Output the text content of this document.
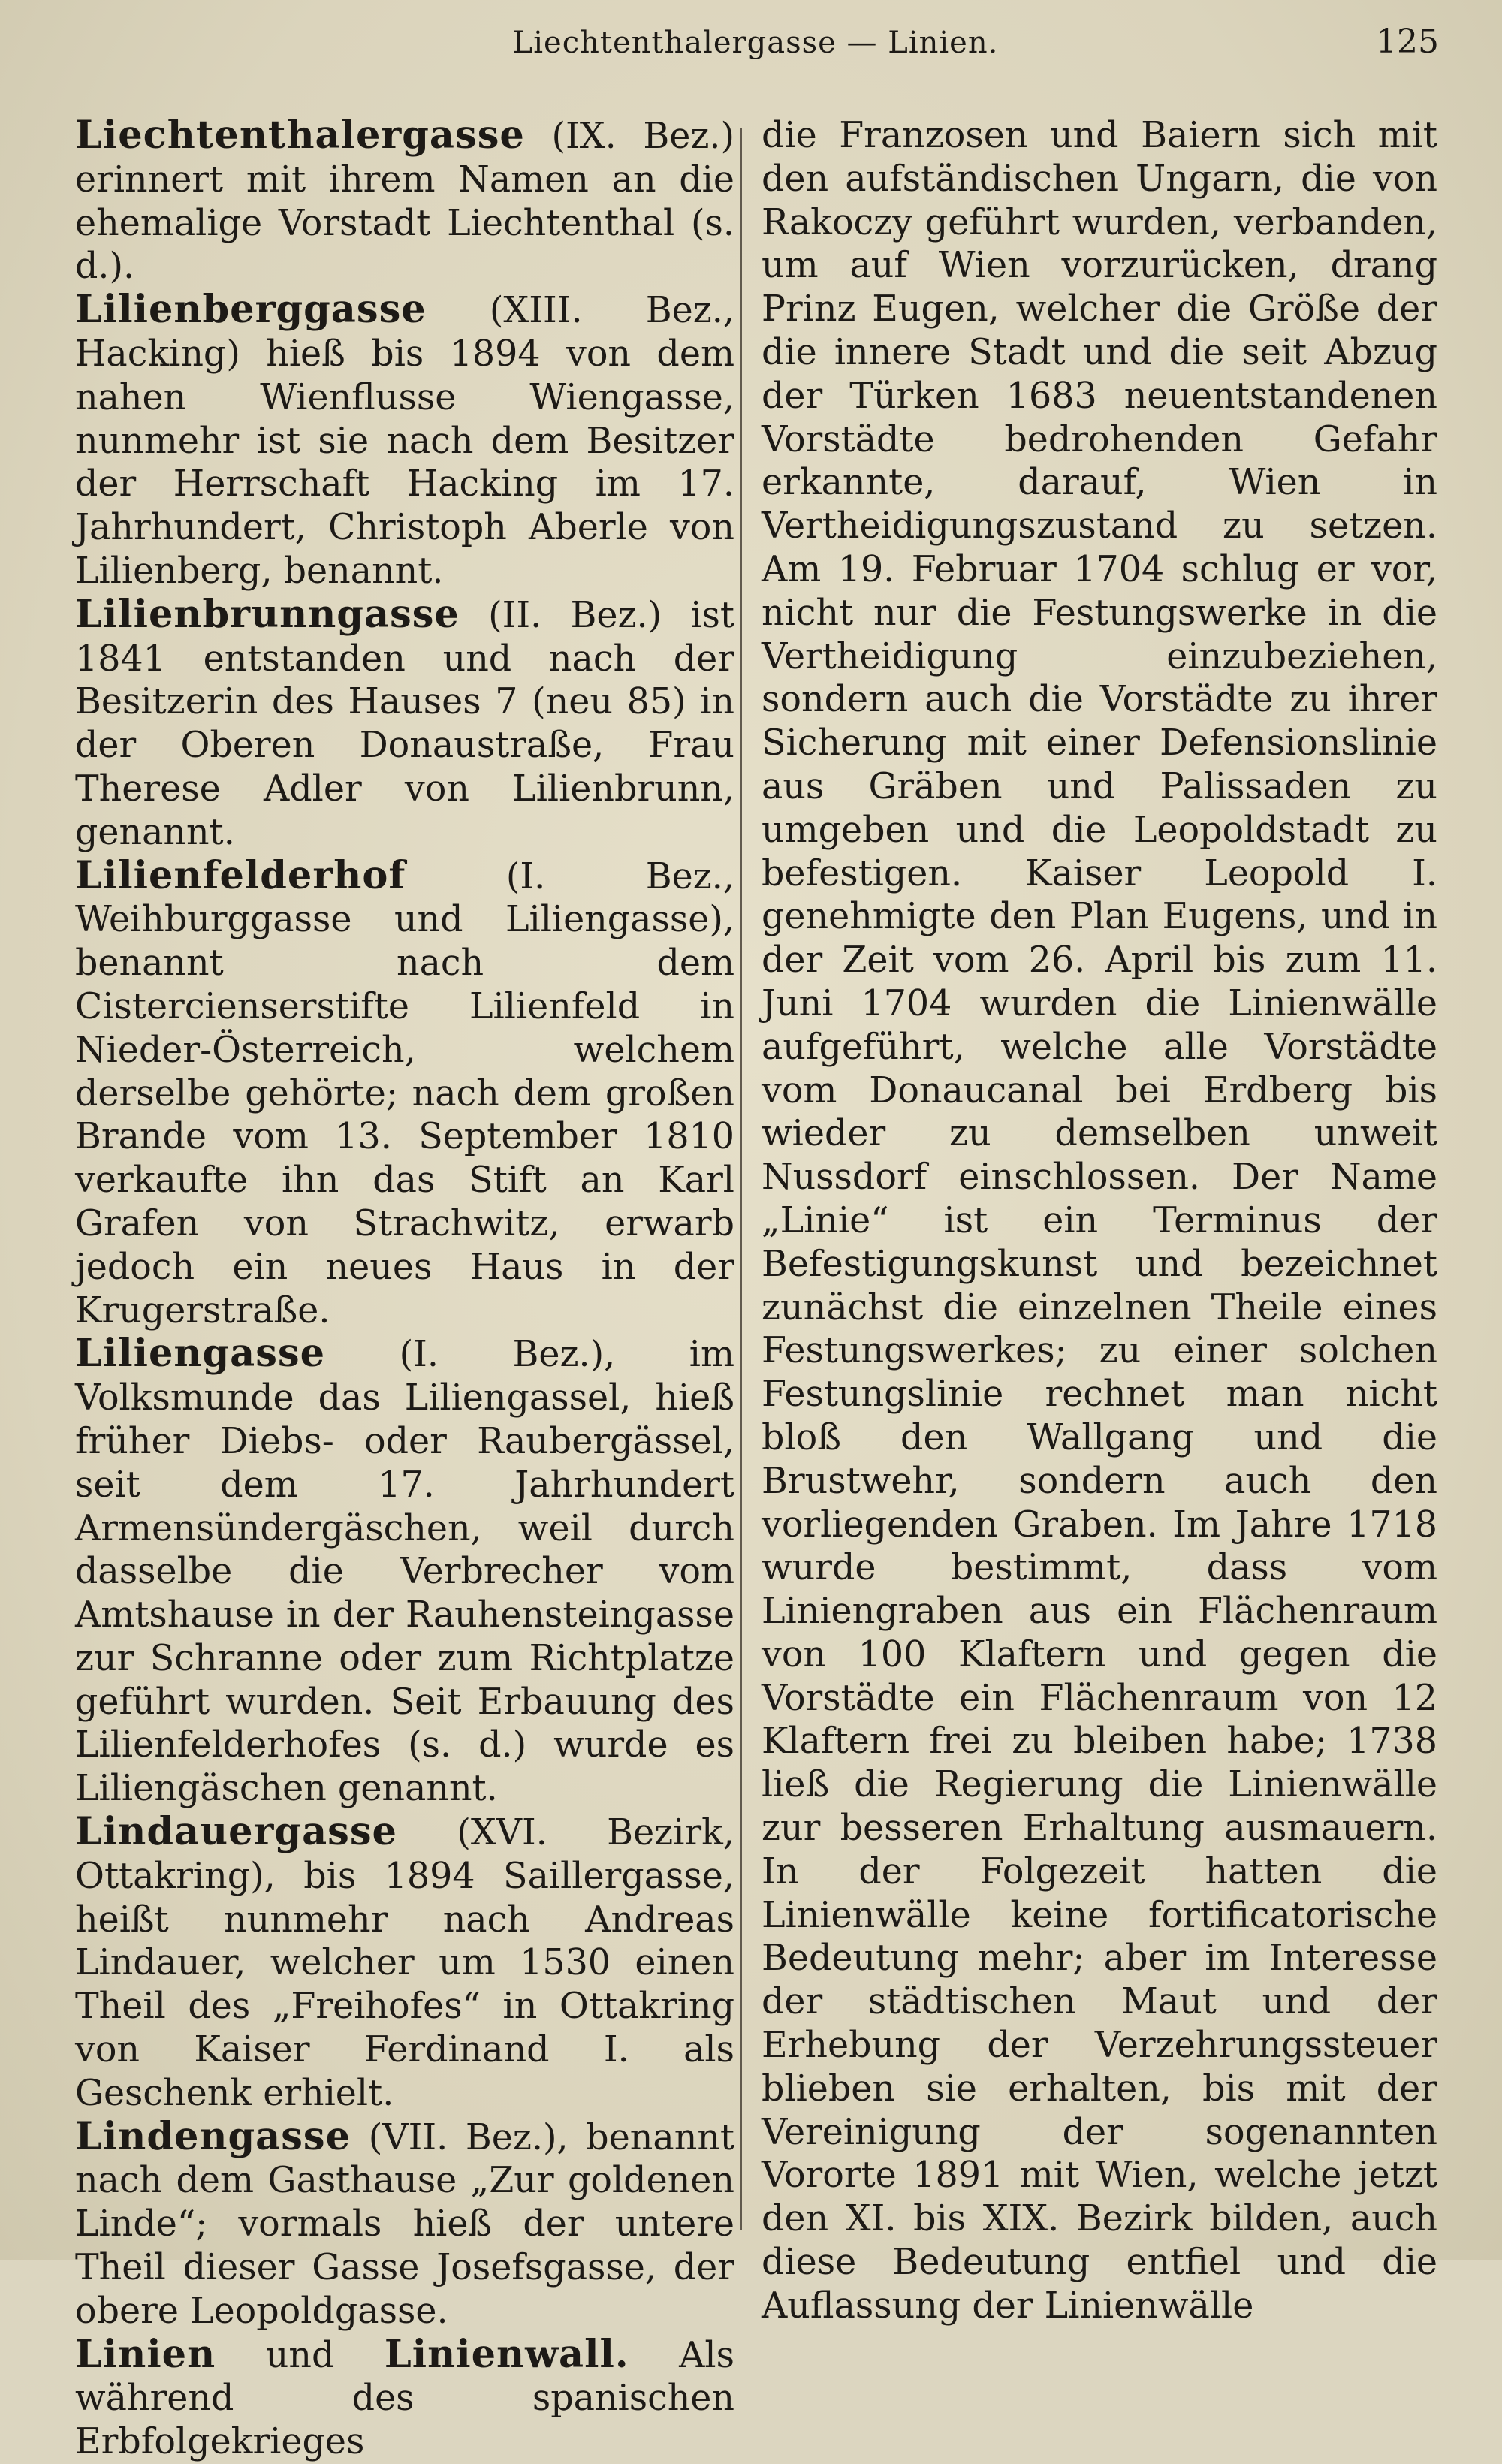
Liechtenthalergasse — Linien.	125

Liechtenthalergasse (IX. Bez.) erinnert mit ihrem Namen an die ehemalige Vorstadt Liechtenthal (s. d.).

Lilienberggasse (XIII. Bez., Hacking) hieß bis 1894 von dem nahen Wienflusse Wiengasse, nunmehr ist sie nach dem Besitzer der Herrschaft Hacking im 17. Jahrhundert, Christoph Aberle von Lilienberg, benannt.

Lilienbrunngasse (II. Bez.) ist 1841 entstanden und nach der Besitzerin des Hauses 7 (neu 85) in der Oberen Donaustraße, Frau Therese Adler von Lilienbrunn, genannt.

Lilienfelderhof (I. Bez., Weihburggasse und Liliengasse), benannt nach dem Cistercienserstifte Lilienfeld in Nieder-Österreich, welchem derselbe gehörte; nach dem großen Brande vom 13. September 1810 verkaufte ihn das Stift an Karl Grafen von Strachwitz, erwarb jedoch ein neues Haus in der Krugerstraße.

Liliengasse (I. Bez.), im Volksmunde das Liliengassel, hieß früher Diebs- oder Raubergässel, seit dem 17. Jahrhundert Armensündergäschen, weil durch dasselbe die Verbrecher vom Amtshause in der Rauhensteingasse zur Schranne oder zum Richtplatze geführt wurden. Seit Erbauung des Lilienfelderhofes (s. d.) wurde es Liliengäschen genannt.

Lindauergasse (XVI. Bezirk, Ottakring), bis 1894 Saillergasse, heißt nunmehr nach Andreas Lindauer, welcher um 1530 einen Theil des „Freihofes“ in Ottakring von Kaiser Ferdinand I. als Geschenk erhielt.

Lindengasse (VII. Bez.), benannt nach dem Gasthause „Zur goldenen Linde“; vormals hieß der untere Theil dieser Gasse Josefsgasse, der obere Leopoldgasse.

Linien und Linienwall. Als während des spanischen Erbfolgekrieges

die Franzosen und Baiern sich mit den aufständischen Ungarn, die von Rakoczy geführt wurden, verbanden, um auf Wien vorzurücken, drang Prinz Eugen, welcher die Größe der die innere Stadt und die seit Abzug der Türken 1683 neuentstandenen Vorstädte bedrohenden Gefahr erkannte, darauf, Wien in Vertheidigungszustand zu setzen. Am 19. Februar 1704 schlug er vor, nicht nur die Festungswerke in die Vertheidigung einzubeziehen, sondern auch die Vorstädte zu ihrer Sicherung mit einer Defensionslinie aus Gräben und Palissaden zu umgeben und die Leopoldstadt zu befestigen. Kaiser Leopold I. genehmigte den Plan Eugens, und in der Zeit vom 26. April bis zum 11. Juni 1704 wurden die Linienwälle aufgeführt, welche alle Vorstädte vom Donaucanal bei Erdberg bis wieder zu demselben unweit Nussdorf einschlossen. Der Name „Linie“ ist ein Terminus der Befestigungskunst und bezeichnet zunächst die einzelnen Theile eines Festungswerkes; zu einer solchen Festungslinie rechnet man nicht bloß den Wallgang und die Brustwehr, sondern auch den vorliegenden Graben. Im Jahre 1718 wurde bestimmt, dass vom Liniengraben aus ein Flächenraum von 100 Klaftern und gegen die Vorstädte ein Flächenraum von 12 Klaftern frei zu bleiben habe; 1738 ließ die Regierung die Linienwälle zur besseren Erhaltung ausmauern. In der Folgezeit hatten die Linienwälle keine fortificatorische Bedeutung mehr; aber im Interesse der städtischen Maut und der Erhebung der Verzehrungssteuer blieben sie erhalten, bis mit der Vereinigung der sogenannten Vororte 1891 mit Wien, welche jetzt den XI. bis XIX. Bezirk bilden, auch diese Bedeutung entfiel und die Auflassung der Linienwälle
